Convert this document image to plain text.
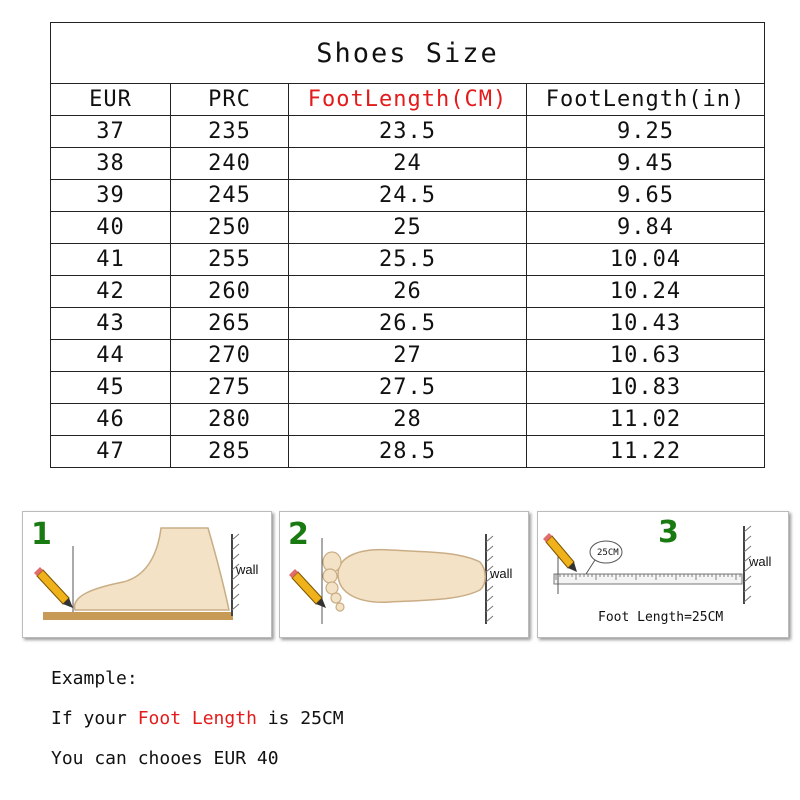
Shoes Size			
EUR	PRC	FootLength(CM)	FootLength(in)
37	235	23.5	9.25
38	240	24	9.45
39	245	24.5	9.65
40	250	25	9.84
41	255	25.5	10.04
42	260	26	10.24
43	265	26.5	10.43
44	270	27	10.63
45	275	27.5	10.83
46	280	28	11.02
47	285	28.5	11.22
1
wall
2
wall
3
wall
25CM
Foot Length=25CM
Example:
If your Foot Length is 25CM
You can chooes EUR 40
